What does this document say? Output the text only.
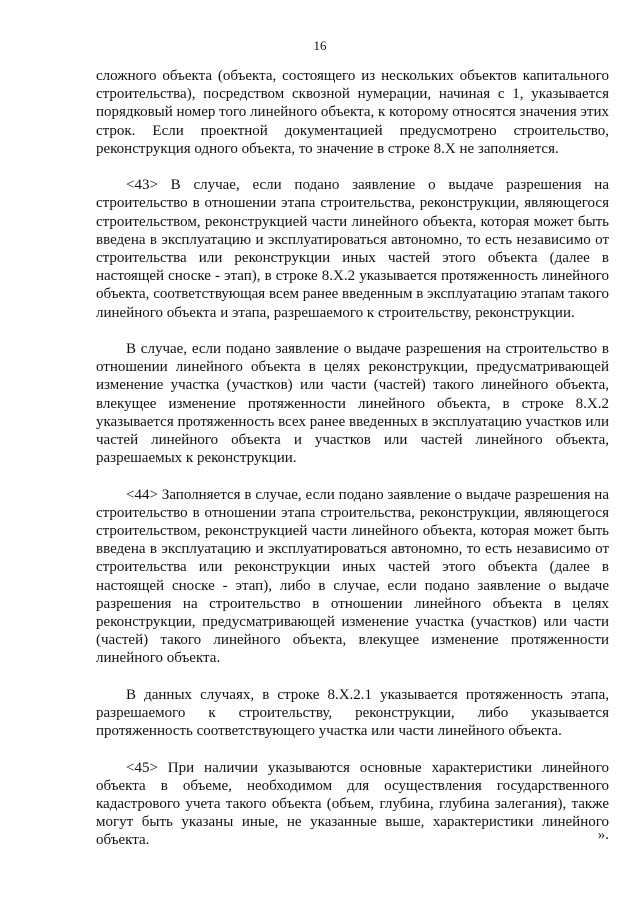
16

сложного объекта (объекта, состоящего из нескольких объектов капитального строительства), посредством сквозной нумерации, начиная с 1, указывается порядковый номер того линейного объекта, к которому относятся значения этих строк. Если проектной документацией предусмотрено строительство, реконструкция одного объекта, то значение в строке 8.X не заполняется.

<43> В случае, если подано заявление о выдаче разрешения на строительство в отношении этапа строительства, реконструкции, являющегося строительством, реконструкцией части линейного объекта, которая может быть введена в эксплуатацию и эксплуатироваться автономно, то есть независимо от строительства или реконструкции иных частей этого объекта (далее в настоящей сноске - этап), в строке 8.X.2 указывается протяженность линейного объекта, соответствующая всем ранее введенным в эксплуатацию этапам такого линейного объекта и этапа, разрешаемого к строительству, реконструкции.

В случае, если подано заявление о выдаче разрешения на строительство в отношении линейного объекта в целях реконструкции, предусматривающей изменение участка (участков) или части (частей) такого линейного объекта, влекущее изменение протяженности линейного объекта, в строке 8.X.2 указывается протяженность всех ранее введенных в эксплуатацию участков или частей линейного объекта и участков или частей линейного объекта, разрешаемых к реконструкции.

<44> Заполняется в случае, если подано заявление о выдаче разрешения на строительство в отношении этапа строительства, реконструкции, являющегося строительством, реконструкцией части линейного объекта, которая может быть введена в эксплуатацию и эксплуатироваться автономно, то есть независимо от строительства или реконструкции иных частей этого объекта (далее в настоящей сноске - этап), либо в случае, если подано заявление о выдаче разрешения на строительство в отношении линейного объекта в целях реконструкции, предусматривающей изменение участка (участков) или части (частей) такого линейного объекта, влекущее изменение протяженности линейного объекта.

В данных случаях, в строке 8.X.2.1 указывается протяженность этапа, разрешаемого к строительству, реконструкции, либо указывается протяженность соответствующего участка или части линейного объекта.

<45> При наличии указываются основные характеристики линейного объекта в объеме, необходимом для осуществления государственного кадастрового учета такого объекта (объем, глубина, глубина залегания), также могут быть указаны иные, не указанные выше, характеристики линейного объекта.	».
